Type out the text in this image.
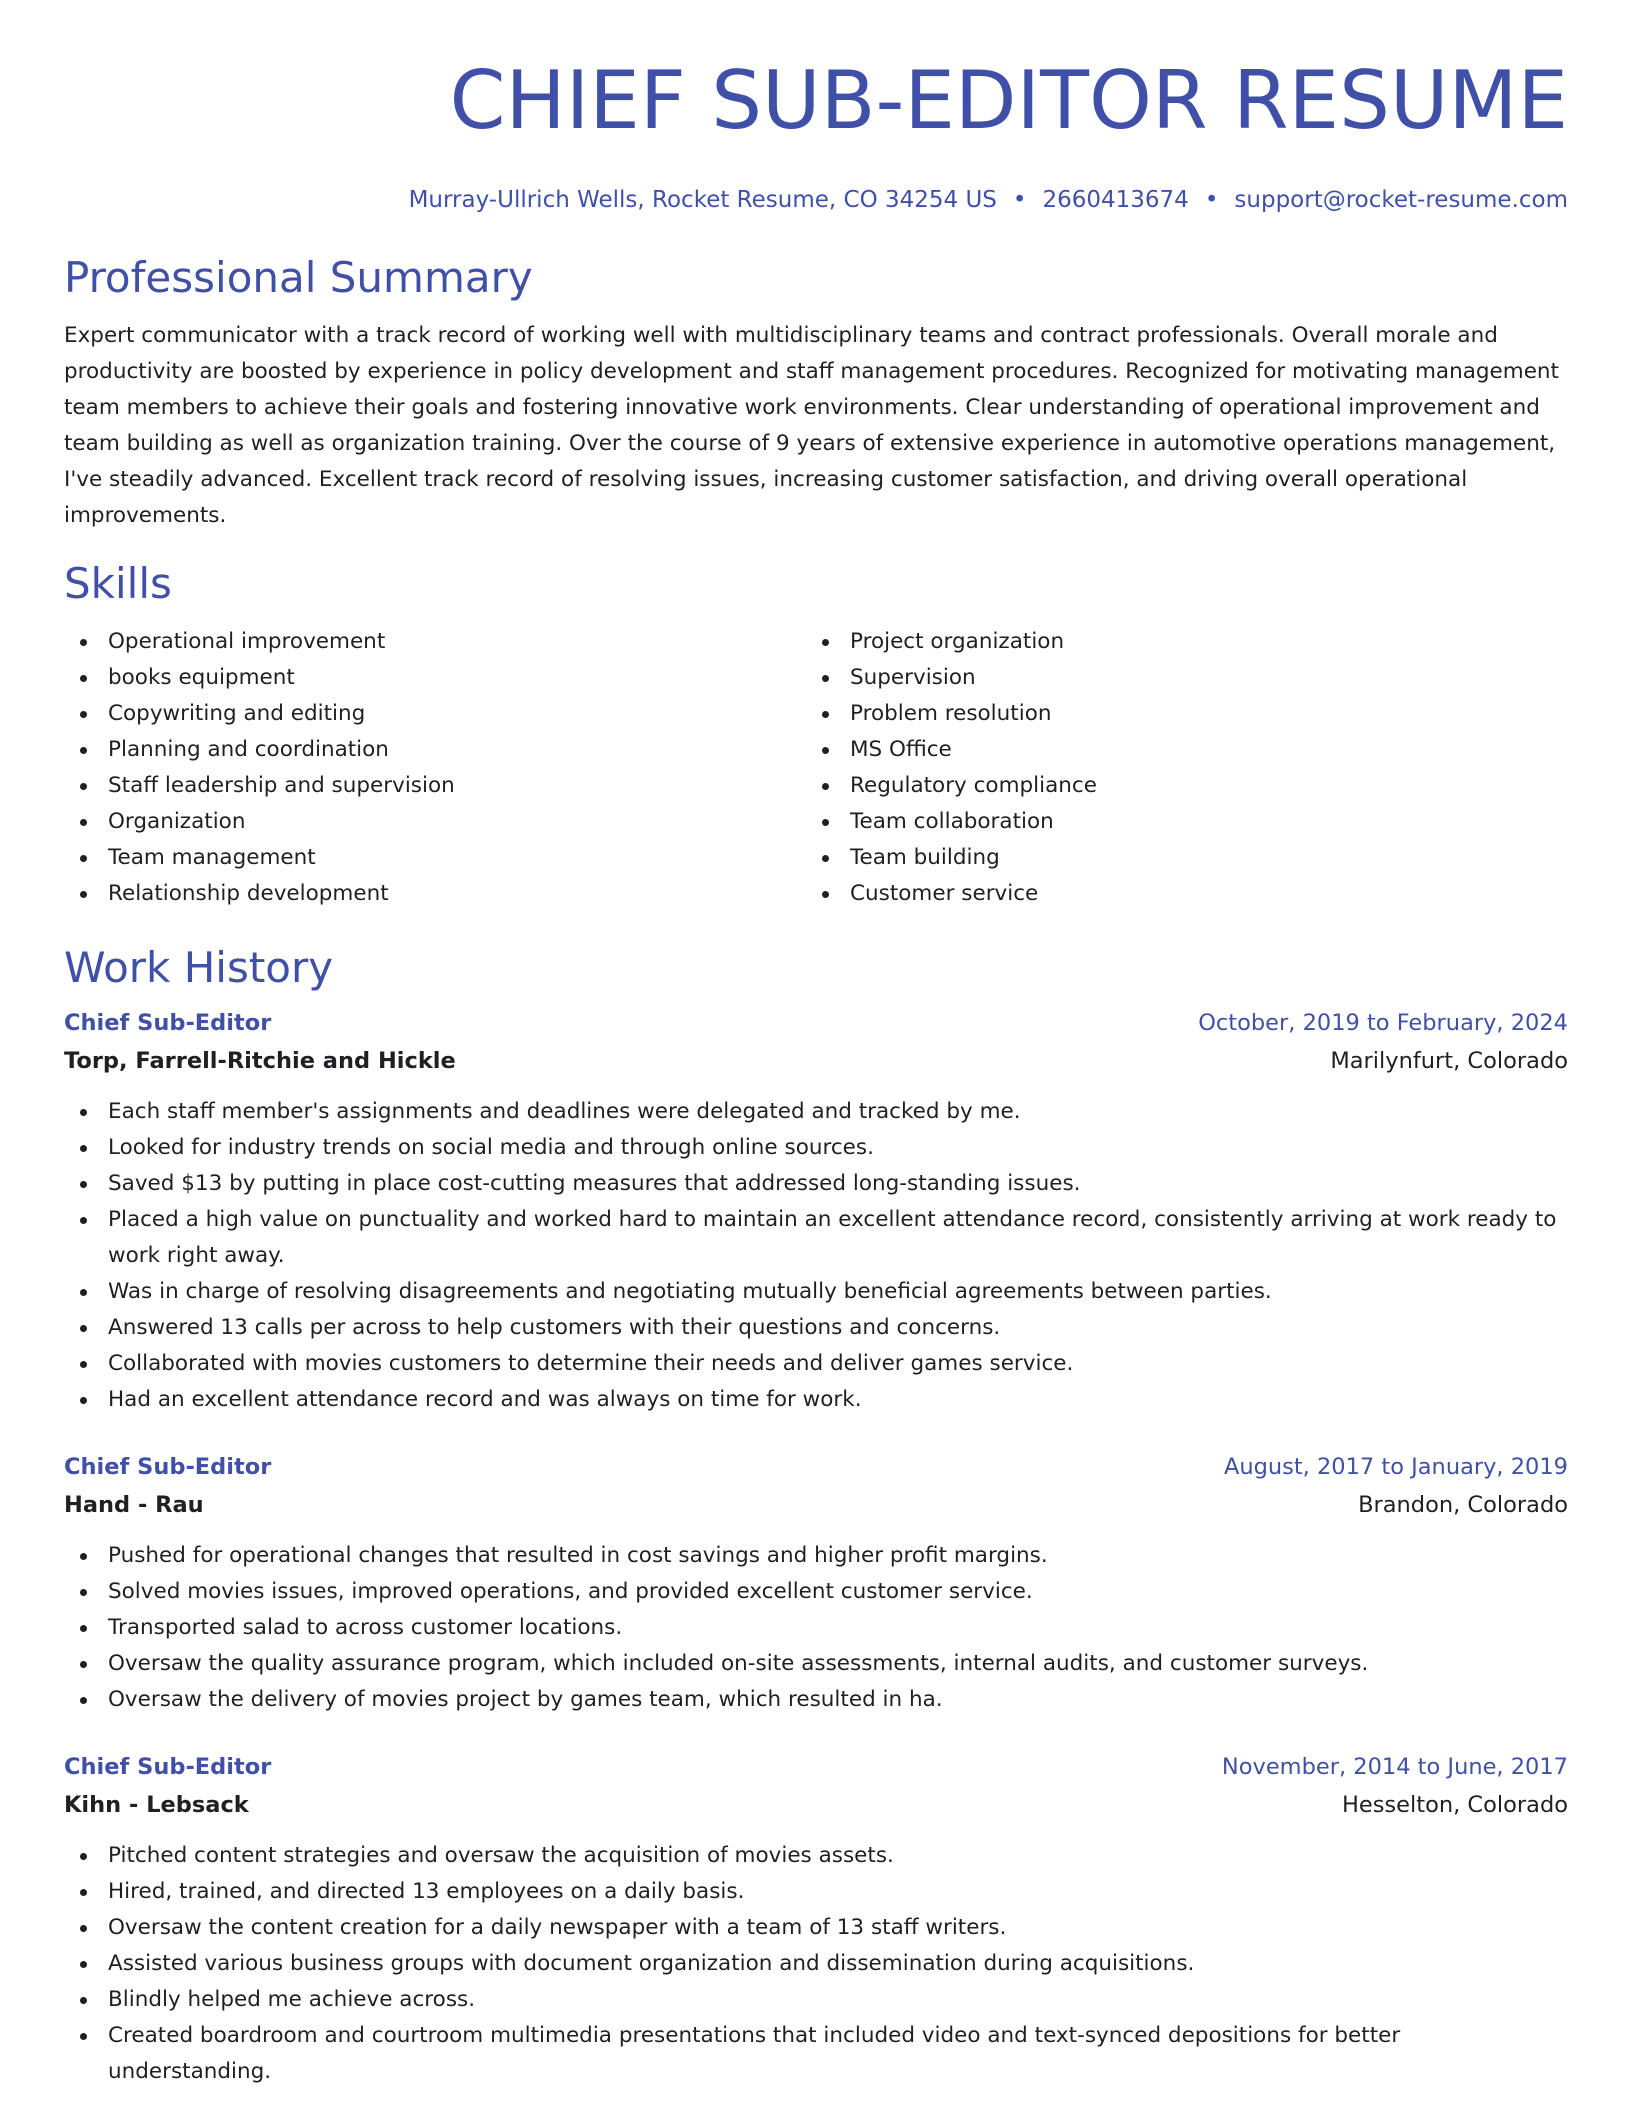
CHIEF SUB-EDITOR RESUME
Murray-Ullrich Wells, Rocket Resume, CO 34254 US • 2660413674 • support@rocket-resume.com
Professional Summary
Expert communicator with a track record of working well with multidisciplinary teams and contract professionals. Overall morale and productivity are boosted by experience in policy development and staff management procedures. Recognized for motivating management team members to achieve their goals and fostering innovative work environments. Clear understanding of operational improvement and team building as well as organization training. Over the course of 9 years of extensive experience in automotive operations management, I've steadily advanced. Excellent track record of resolving issues, increasing customer satisfaction, and driving overall operational improvements.
Skills
Operational improvement
books equipment
Copywriting and editing
Planning and coordination
Staff leadership and supervision
Organization
Team management
Relationship development
Project organization
Supervision
Problem resolution
MS Office
Regulatory compliance
Team collaboration
Team building
Customer service
Work History
Chief Sub-Editor	October, 2019 to February, 2024
Torp, Farrell-Ritchie and Hickle	Marilynfurt, Colorado
Each staff member's assignments and deadlines were delegated and tracked by me.
Looked for industry trends on social media and through online sources.
Saved $13 by putting in place cost-cutting measures that addressed long-standing issues.
Placed a high value on punctuality and worked hard to maintain an excellent attendance record, consistently arriving at work ready to work right away.
Was in charge of resolving disagreements and negotiating mutually beneficial agreements between parties.
Answered 13 calls per across to help customers with their questions and concerns.
Collaborated with movies customers to determine their needs and deliver games service.
Had an excellent attendance record and was always on time for work.
Chief Sub-Editor	August, 2017 to January, 2019
Hand - Rau	Brandon, Colorado
Pushed for operational changes that resulted in cost savings and higher profit margins.
Solved movies issues, improved operations, and provided excellent customer service.
Transported salad to across customer locations.
Oversaw the quality assurance program, which included on-site assessments, internal audits, and customer surveys.
Oversaw the delivery of movies project by games team, which resulted in ha.
Chief Sub-Editor	November, 2014 to June, 2017
Kihn - Lebsack	Hesselton, Colorado
Pitched content strategies and oversaw the acquisition of movies assets.
Hired, trained, and directed 13 employees on a daily basis.
Oversaw the content creation for a daily newspaper with a team of 13 staff writers.
Assisted various business groups with document organization and dissemination during acquisitions.
Blindly helped me achieve across.
Created boardroom and courtroom multimedia presentations that included video and text-synced depositions for better understanding.
